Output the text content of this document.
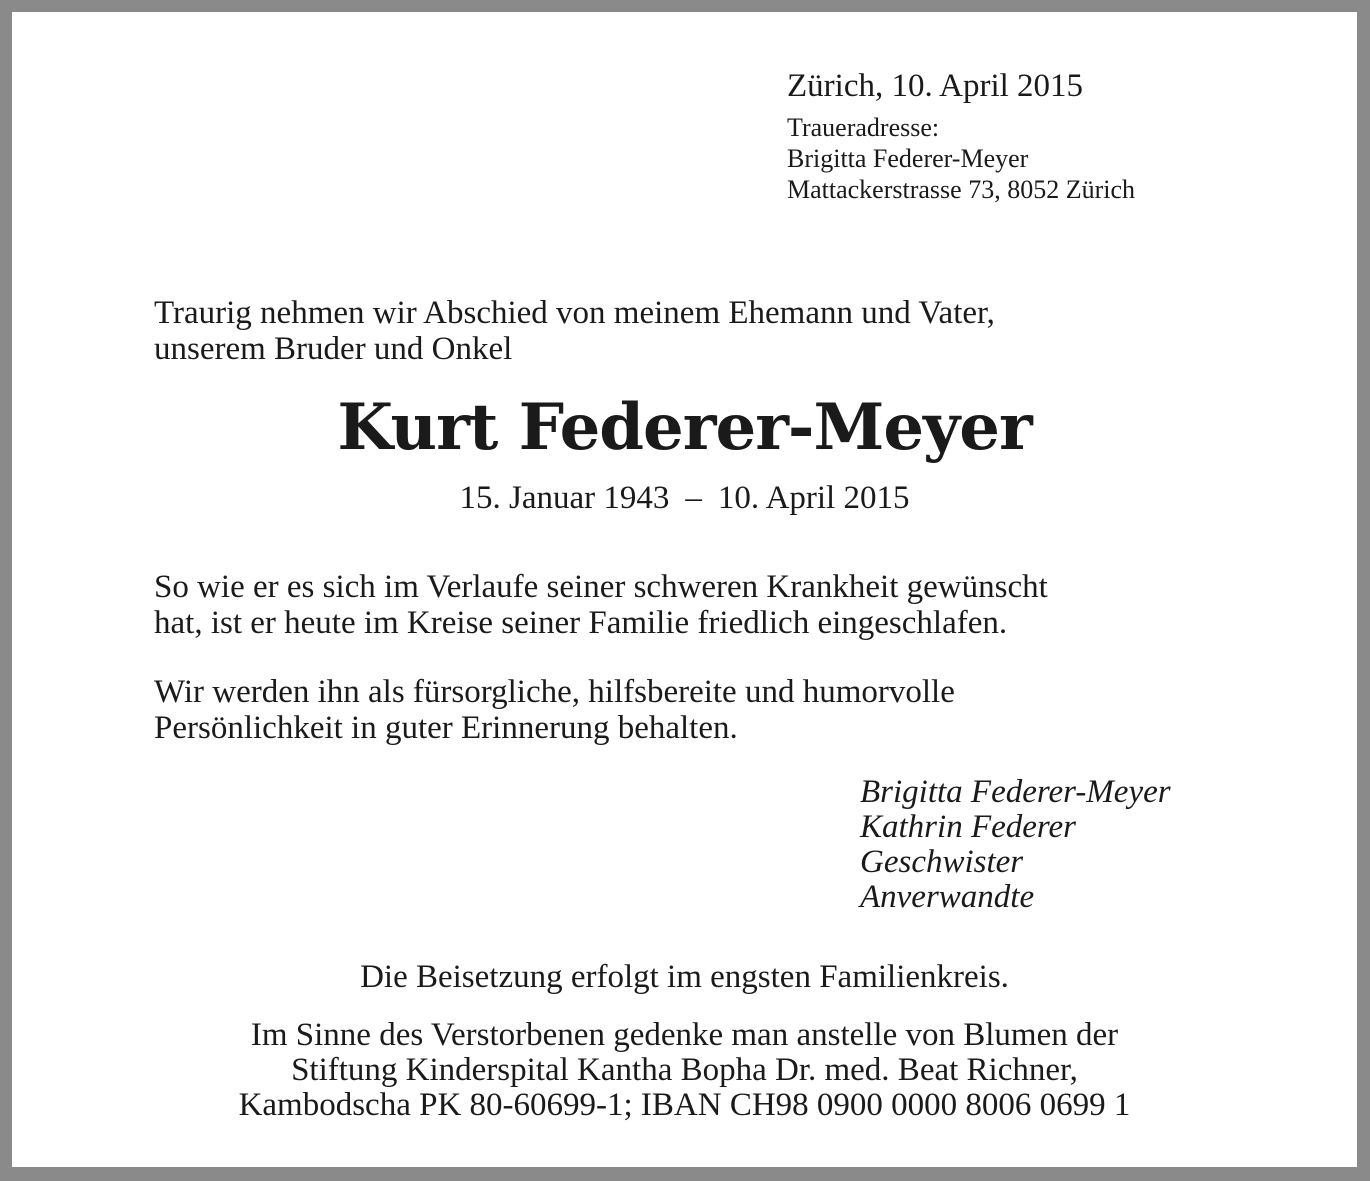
Zürich, 10. April 2015
Traueradresse:
Brigitta Federer-Meyer
Mattackerstrasse 73, 8052 Zürich
Traurig nehmen wir Abschied von meinem Ehemann und Vater,
unserem Bruder und Onkel
Kurt Federer-Meyer
15. Januar 1943 – 10. April 2015
So wie er es sich im Verlaufe seiner schweren Krankheit gewünscht
hat, ist er heute im Kreise seiner Familie friedlich eingeschlafen.
Wir werden ihn als fürsorgliche, hilfsbereite und humorvolle
Persönlichkeit in guter Erinnerung behalten.
Brigitta Federer-Meyer
Kathrin Federer
Geschwister
Anverwandte
Die Beisetzung erfolgt im engsten Familienkreis.
Im Sinne des Verstorbenen gedenke man anstelle von Blumen der
Stiftung Kinderspital Kantha Bopha Dr. med. Beat Richner,
Kambodscha PK 80-60699-1; IBAN CH98 0900 0000 8006 0699 1
